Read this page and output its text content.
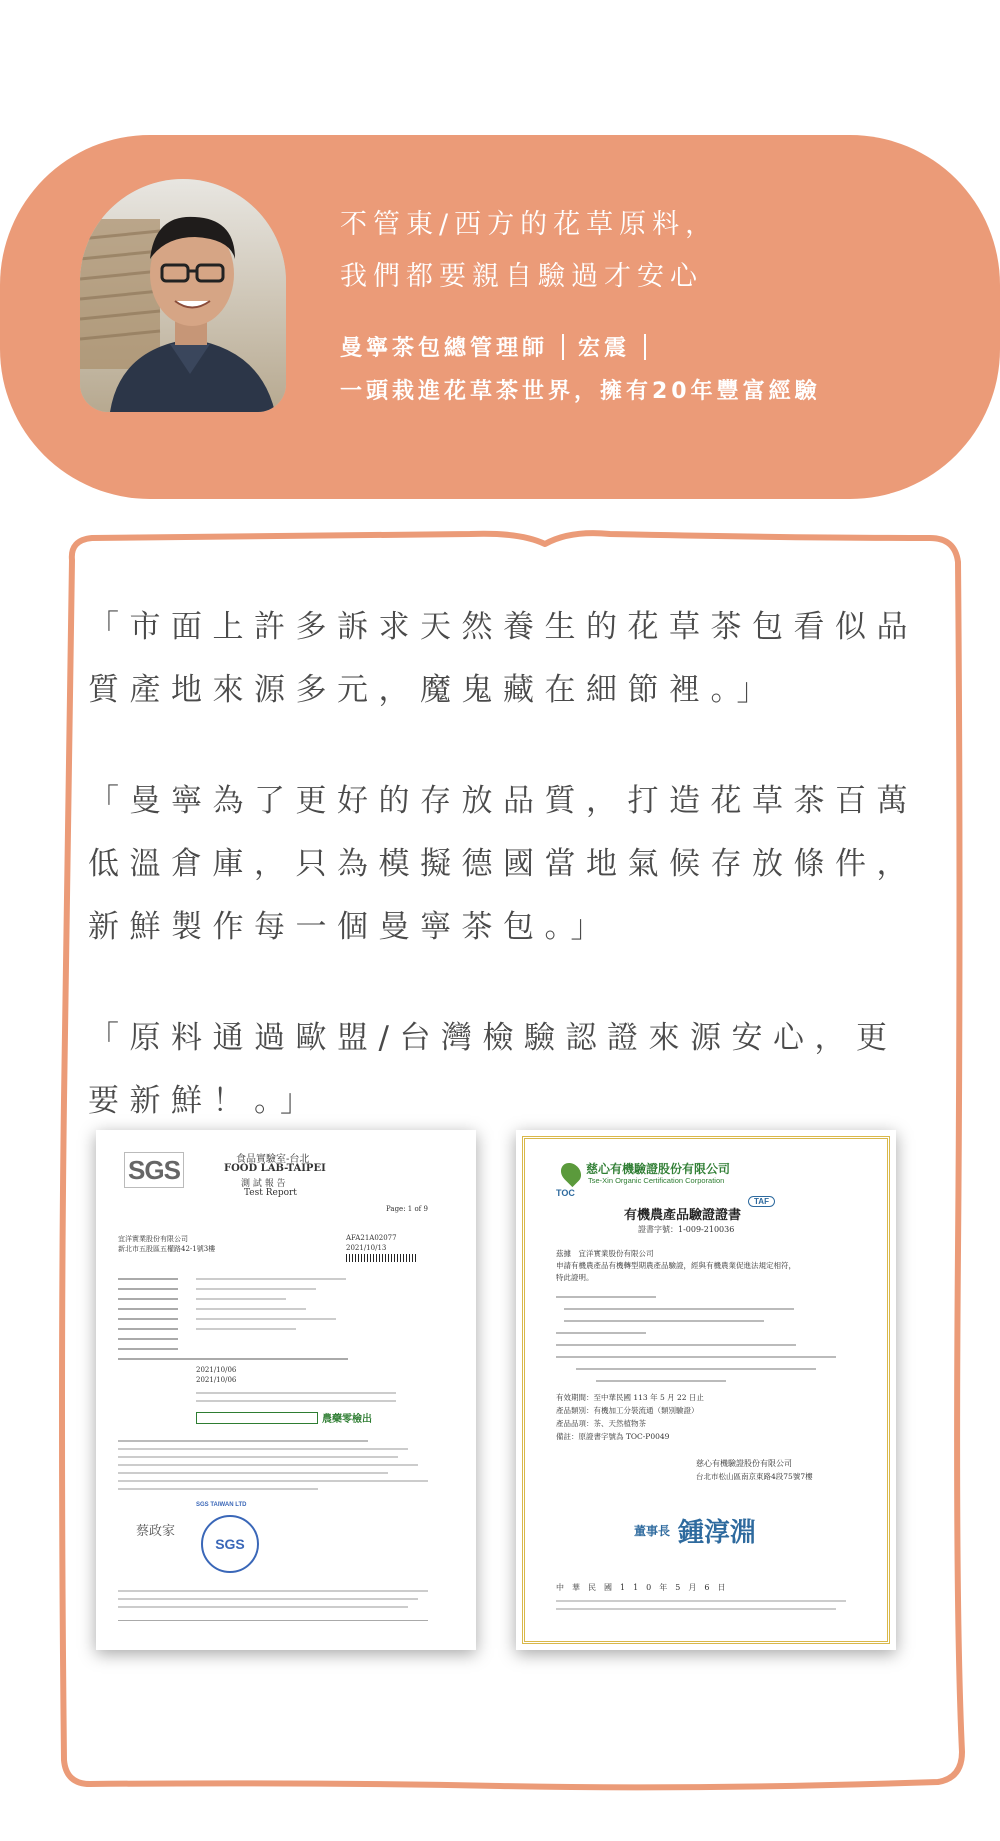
不管東/西方的花草原料，
我們都要親自驗過才安心
曼寧茶包總管理師 宏震
一頭栽進花草茶世界，擁有20年豐富經驗
「市面上許多訴求天然養生的花草茶包看似品質產地來源多元，魔鬼藏在細節裡。」
「曼寧為了更好的存放品質，打造花草茶百萬低溫倉庫，只為模擬德國當地氣候存放條件，新鮮製作每一個曼寧茶包。」
「原料通過歐盟/台灣檢驗認證來源安心，更要新鮮！。」
SGS	食品實驗室-台北
FOOD LAB-TAIPEI
測 試 報 告
Test Report
Page: 1 of 9
宜洋實業股份有限公司
新北市五股區五權路42-1號3樓
AFA21A02077
2021/10/13
2021/10/06
2021/10/06
農藥零檢出
蔡政家
SGS
SGS TAIWAN LTD
TOC
慈心有機驗證股份有限公司
Tse-Xin Organic Certification Corporation
TAF
有機農產品驗證證書
證書字號：1-009-210036
茲據　宜洋實業股份有限公司
申請有機農產品有機轉型期農產品驗證，經與有機農業促進法規定相符，
特此證明。
有效期間：至中華民國 113 年 5 月 22 日止
產品類別：有機加工分裝流通（類別驗證）
產品品項：茶、天然植物茶
備註：原證書字號為 TOC-P0049
慈心有機驗證股份有限公司
台北市松山區南京東路4段75號7樓
董事長 鍾淳淵
中　華　民　國　1　1　0　年　5　月　6　日
